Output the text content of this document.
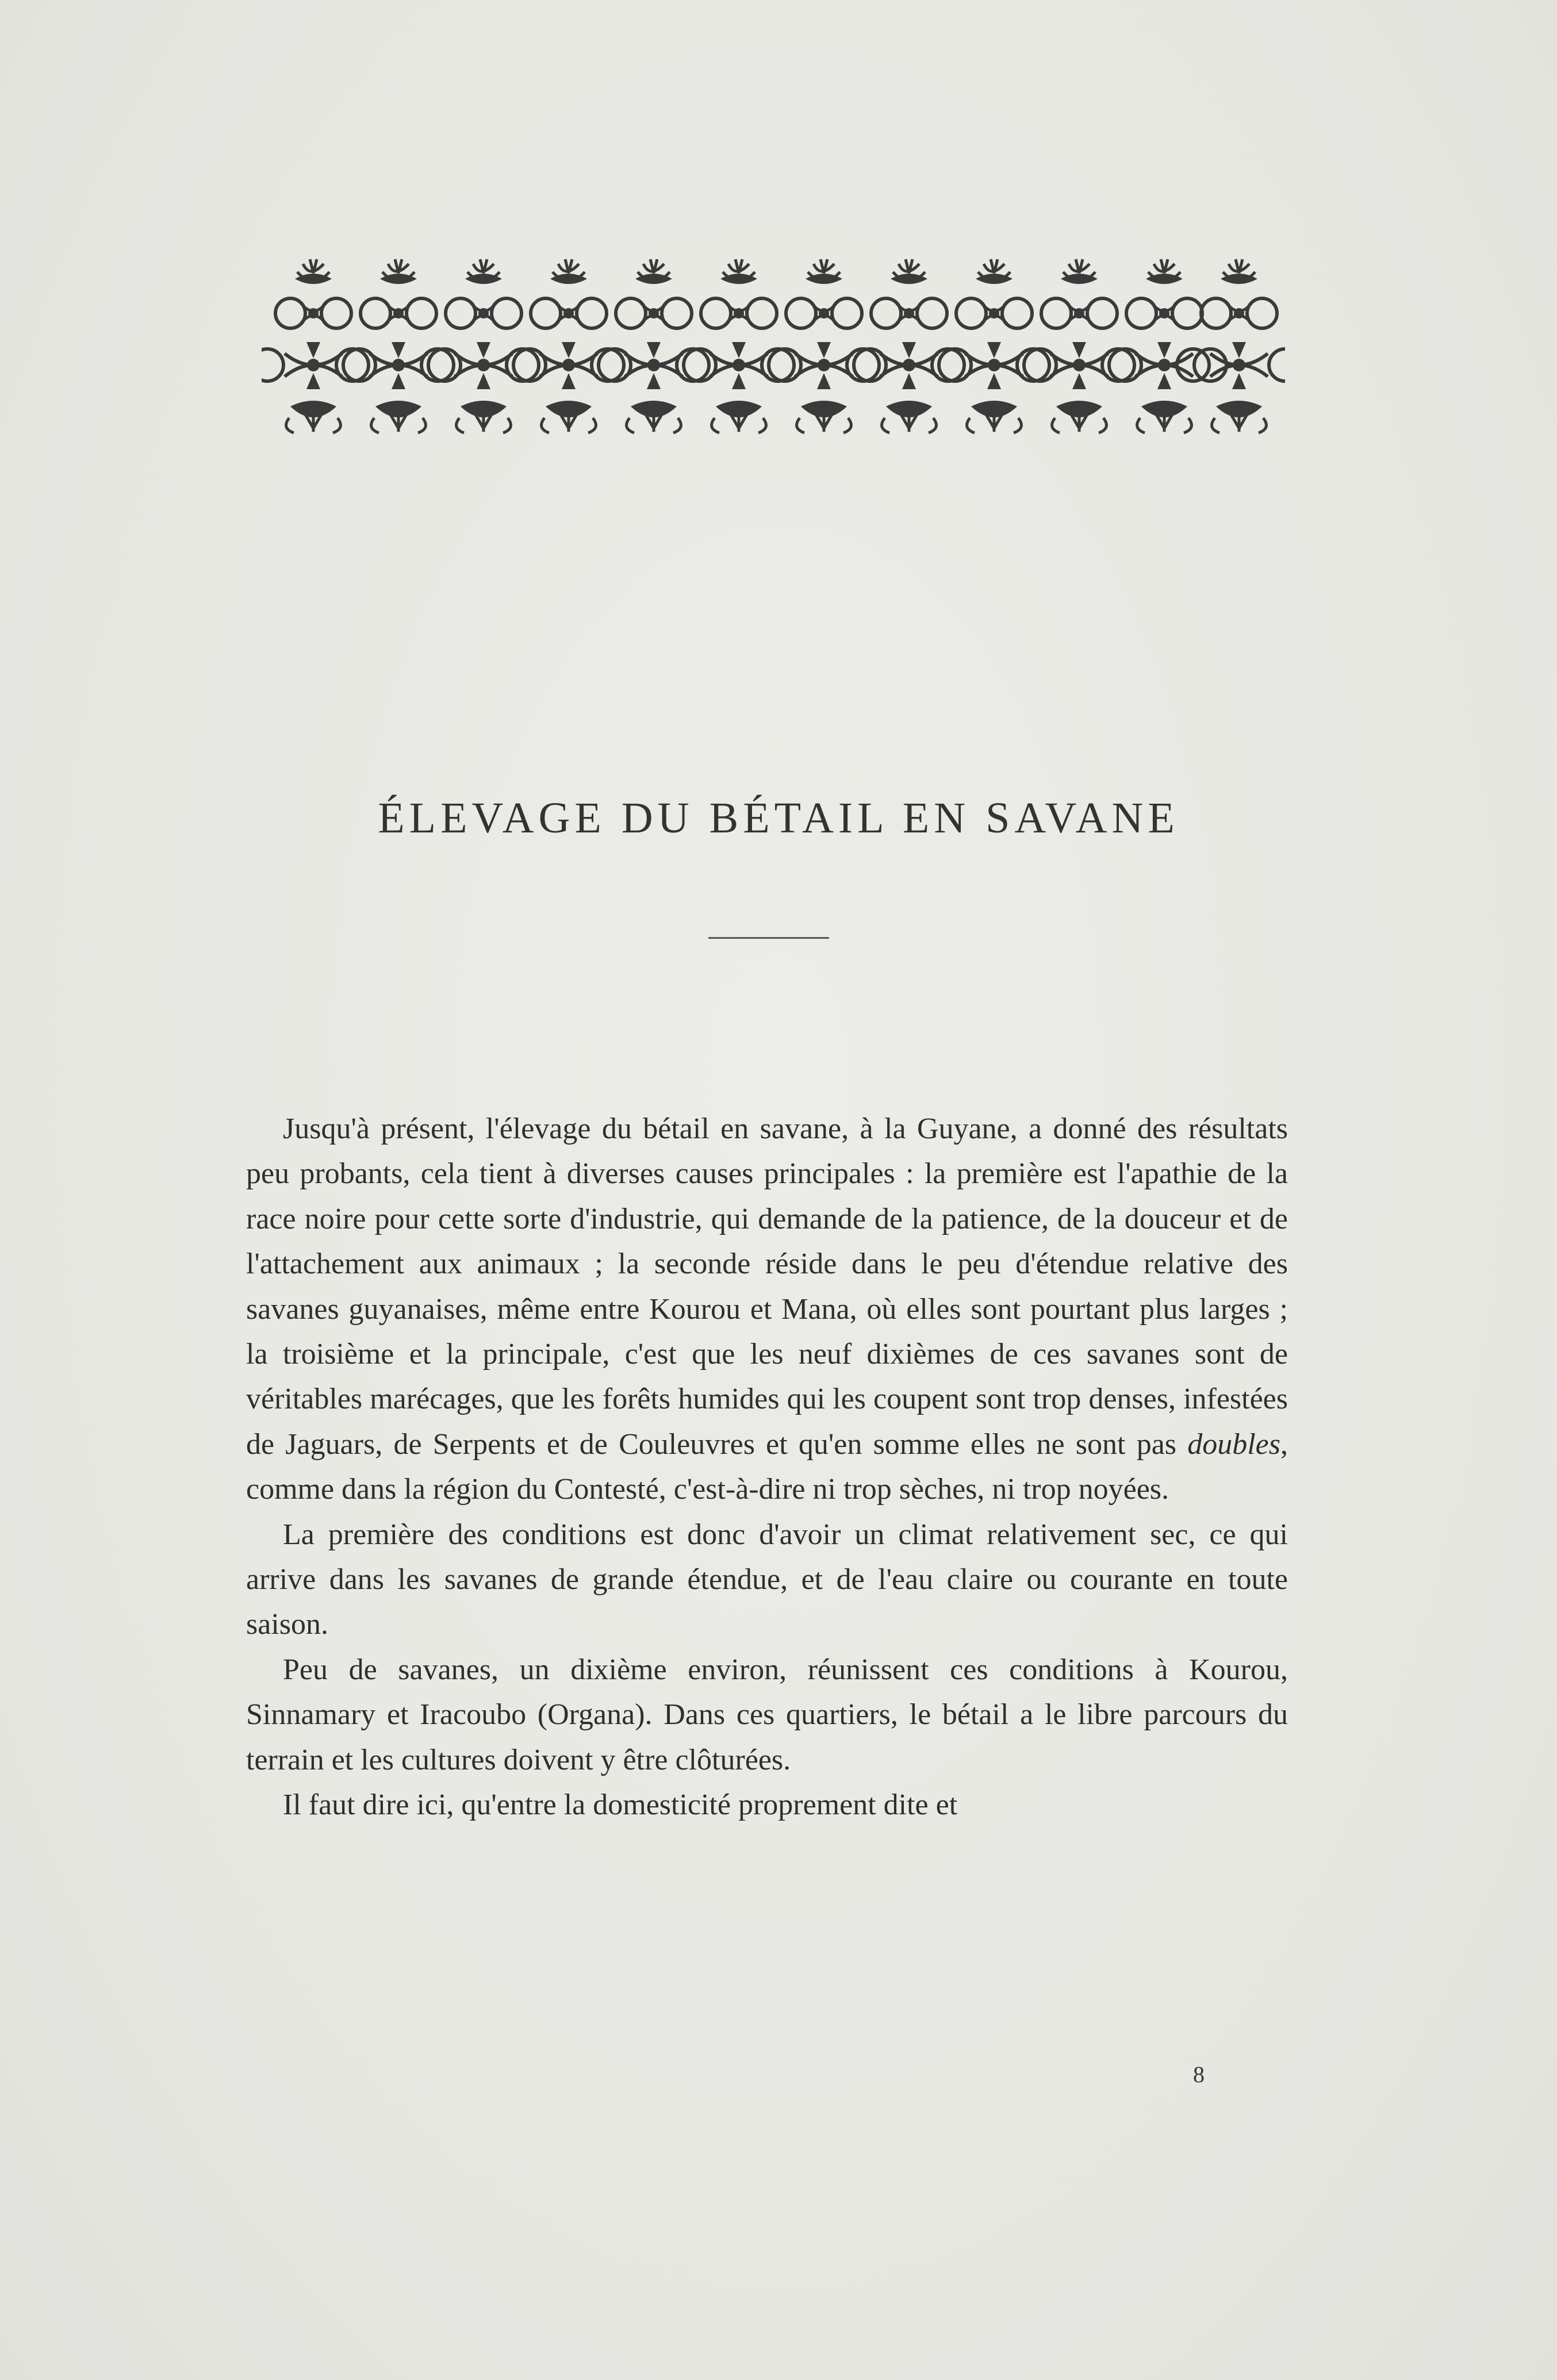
ÉLEVAGE DU BÉTAIL EN SAVANE

Jusqu'à présent, l'élevage du bétail en savane, à la Guyane, a donné des résultats peu probants, cela tient à diverses causes principales : la première est l'apathie de la race noire pour cette sorte d'industrie, qui demande de la patience, de la douceur et de l'attachement aux animaux ; la seconde réside dans le peu d'étendue relative des savanes guyanaises, même entre Kourou et Mana, où elles sont pourtant plus larges ; la troisième et la principale, c'est que les neuf dixièmes de ces savanes sont de véritables marécages, que les forêts humides qui les coupent sont trop denses, infestées de Jaguars, de Serpents et de Couleuvres et qu'en somme elles ne sont pas doubles, comme dans la région du Contesté, c'est-à-dire ni trop sèches, ni trop noyées.

La première des conditions est donc d'avoir un climat relativement sec, ce qui arrive dans les savanes de grande étendue, et de l'eau claire ou courante en toute saison.

Peu de savanes, un dixième environ, réunissent ces conditions à Kourou, Sinnamary et Iracoubo (Organa). Dans ces quartiers, le bétail a le libre parcours du terrain et les cultures doivent y être clôturées.

Il faut dire ici, qu'entre la domesticité proprement dite et

8
